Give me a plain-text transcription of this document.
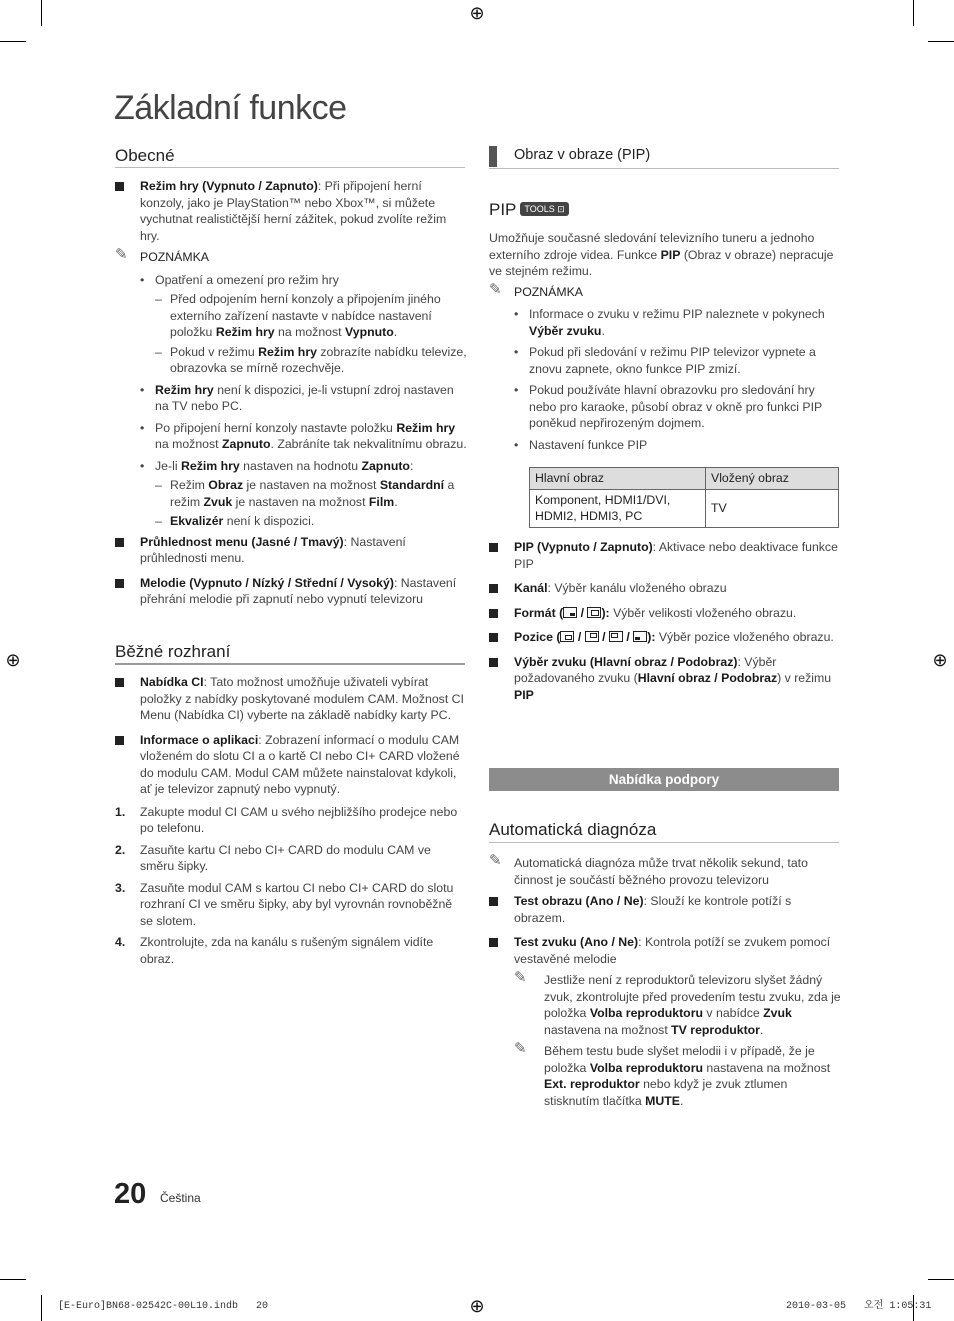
⊕
⊕	⊕
⊕
Základní funkce
Obecné
Režim hry (Vypnuto / Zapnuto): Při připojení herní konzoly, jako je PlayStation™ nebo Xbox™, si můžete vychutnat realističtější herní zážitek, pokud zvolíte režim hry.
✎ POZNÁMKA
• Opatření a omezení pro režim hry
– Před odpojením herní konzoly a připojením jiného externího zařízení nastavte v nabídce nastavení položku Režim hry na možnost Vypnuto.
– Pokud v režimu Režim hry zobrazíte nabídku televize, obrazovka se mírně rozechvěje.
• Režim hry není k dispozici, je-li vstupní zdroj nastaven na TV nebo PC.
• Po připojení herní konzoly nastavte položku Režim hry na možnost Zapnuto. Zabráníte tak nekvalitnímu obrazu.
• Je-li Režim hry nastaven na hodnotu Zapnuto:
– Režim Obraz je nastaven na možnost Standardní a režim Zvuk je nastaven na možnost Film.
– Ekvalizér není k dispozici.
Průhlednost menu (Jasné / Tmavý): Nastavení průhlednosti menu.
Melodie (Vypnuto / Nízký / Střední / Vysoký): Nastavení přehrání melodie při zapnutí nebo vypnutí televizoru
Běžné rozhraní
Nabídka CI: Tato možnost umožňuje uživateli vybírat položky z nabídky poskytované modulem CAM. Možnost CI Menu (Nabídka CI) vyberte na základě nabídky karty PC.
Informace o aplikaci: Zobrazení informací o modulu CAM vloženém do slotu CI a o kartě CI nebo CI+ CARD vložené do modulu CAM. Modul CAM můžete nainstalovat kdykoli, ať je televizor zapnutý nebo vypnutý.
1. Zakupte modul CI CAM u svého nejbližšího prodejce nebo po telefonu.
2. Zasuňte kartu CI nebo CI+ CARD do modulu CAM ve směru šipky.
3. Zasuňte modul CAM s kartou CI nebo CI+ CARD do slotu rozhraní CI ve směru šipky, aby byl vyrovnán rovnoběžně se slotem.
4. Zkontrolujte, zda na kanálu s rušeným signálem vidíte obraz.
Obraz v obraze (PIP)
PIP TOOLS ⊡
Umožňuje současné sledování televizního tuneru a jednoho externího zdroje videa. Funkce PIP (Obraz v obraze) nepracuje ve stejném režimu.
✎ POZNÁMKA
• Informace o zvuku v režimu PIP naleznete v pokynech Výběr zvuku.
• Pokud při sledování v režimu PIP televizor vypnete a znovu zapnete, okno funkce PIP zmizí.
• Pokud používáte hlavní obrazovku pro sledování hry nebo pro karaoke, působí obraz v okně pro funkci PIP poněkud nepřirozeným dojmem.
• Nastavení funkce PIP
Hlavní obraz	Vložený obraz
Komponent, HDMI1/DVI, HDMI2, HDMI3, PC	TV
PIP (Vypnuto / Zapnuto): Aktivace nebo deaktivace funkce PIP
Kanál: Výběr kanálu vloženého obrazu
Formát (
/
): Výběr velikosti vloženého obrazu.
Pozice (
/
/
/
): Výběr pozice vloženého obrazu.
Výběr zvuku (Hlavní obraz / Podobraz): Výběr požadovaného zvuku (Hlavní obraz / Podobraz) v režimu PIP
Nabídka podpory
Automatická diagnóza
✎ Automatická diagnóza může trvat několik sekund, tato činnost je součástí běžného provozu televizoru
Test obrazu (Ano / Ne): Slouží ke kontrole potíží s obrazem.
Test zvuku (Ano / Ne): Kontrola potíží se zvukem pomocí vestavěné melodie
✎ Jestliže není z reproduktorů televizoru slyšet žádný zvuk, zkontrolujte před provedením testu zvuku, zda je položka Volba reproduktoru v nabídce Zvuk nastavena na možnost TV reproduktor.
✎ Během testu bude slyšet melodii i v případě, že je položka Volba reproduktoru nastavena na možnost Ext. reproduktor nebo když je zvuk ztlumen stisknutím tlačítka MUTE.
20 Čeština
[E-Euro]BN68-02542C-00L10.indb   20	2010-03-05   오전 1:05:31
